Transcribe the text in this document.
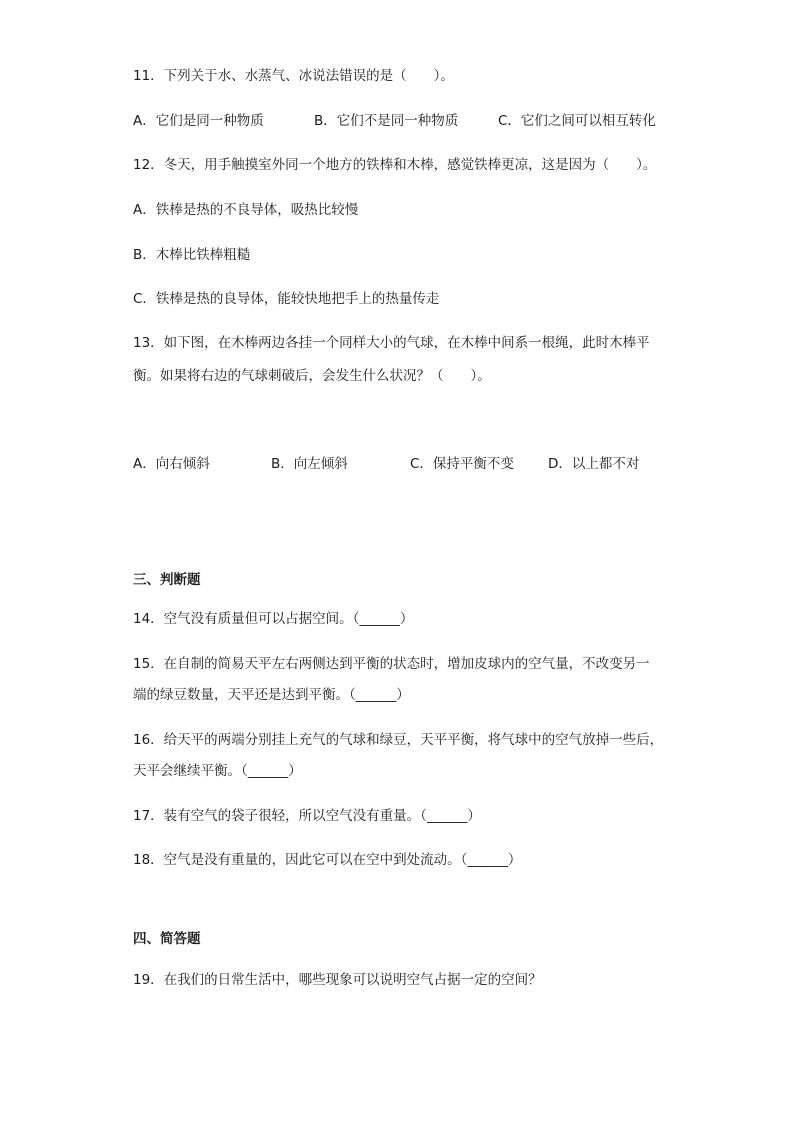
11．下列关于水、水蒸气、冰说法错误的是（　　）。
A．它们是同一种物质	B．它们不是同一种物质	C．它们之间可以相互转化
12．冬天，用手触摸室外同一个地方的铁棒和木棒，感觉铁棒更凉，这是因为（　　）。
A．铁棒是热的不良导体，吸热比较慢
B．木棒比铁棒粗糙
C．铁棒是热的良导体，能较快地把手上的热量传走
13．如下图，在木棒两边各挂一个同样大小的气球，在木棒中间系一根绳，此时木棒平
衡。如果将右边的气球刺破后，会发生什么状况？（　　）。
A．向右倾斜	B．向左倾斜	C．保持平衡不变	D．以上都不对
三、判断题
14．空气没有质量但可以占据空间。（______）
15．在自制的简易天平左右两侧达到平衡的状态时，增加皮球内的空气量，不改变另一
端的绿豆数量，天平还是达到平衡。（______）
16．给天平的两端分别挂上充气的气球和绿豆，天平平衡，将气球中的空气放掉一些后，
天平会继续平衡。（______）
17．装有空气的袋子很轻，所以空气没有重量。（______）
18．空气是没有重量的，因此它可以在空中到处流动。（______）
四、简答题
19．在我们的日常生活中，哪些现象可以说明空气占据一定的空间？
